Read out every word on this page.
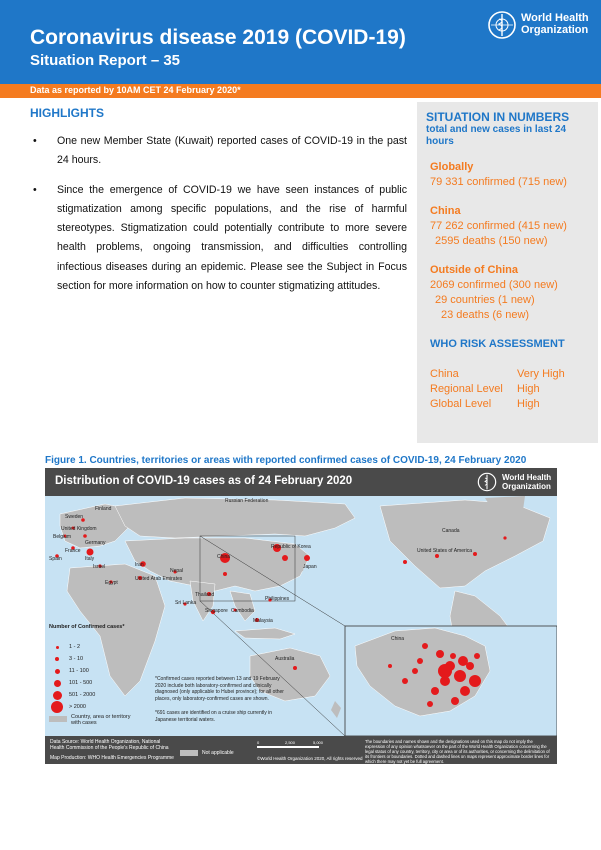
Coronavirus disease 2019 (COVID-19)
Situation Report – 35
World Health
Organization
Data as reported by 10AM CET 24 February 2020*
HIGHLIGHTS
• One new Member State (Kuwait) reported cases of COVID-19 in the past 24 hours.
• Since the emergence of COVID-19 we have seen instances of public stigmatization among specific populations, and the rise of harmful stereotypes. Stigmatization could potentially contribute to more severe health problems, ongoing transmission, and difficulties controlling infectious diseases during an epidemic. Please see the Subject in Focus section for more information on how to counter stigmatizing attitudes.
SITUATION IN NUMBERS
total and new cases in last 24 hours
Globally
79 331 confirmed (715 new)
China
77 262 confirmed (415 new)
2595 deaths (150 new)
Outside of China
2069 confirmed (300 new)
29 countries (1 new)
23 deaths (6 new)
WHO RISK ASSESSMENT
China	Very High
Regional Level High
Global Level High
Figure 1. Countries, territories or areas with reported confirmed cases of COVID-19, 24 February 2020
Distribution of COVID-19 cases as of 24 February 2020	World Health
Organization
Sweden
Finland
Russian Federation
United Kingdom
Belgium
Germany
France
Spain	Italy
Israel	Iran
United Arab Emirates
Nepal
Egypt
China
Republic of Korea
Japan
Canada
United States of America
Thailand
Cambodia
Philippines
Sri Lanka
Singapore
Malaysia
Australia
China
Number of Confirmed cases*
1 - 2
3 - 10
11 - 100
101 - 500
501 - 2000
> 2000
Country, area or territory with cases
*Confirmed cases reported between 13 and 19 February 2020 include both laboratory-confirmed and clinically diagnosed (only applicable to Hubei province); for all other places, only laboratory-confirmed cases are shown.
*691 cases are identified on a cruise ship currently in Japanese territorial waters.
Data Source: World Health Organization, National Health Commission of the People's Republic of China
Map Production: WHO Health Emergencies Programme
Not applicable
0	2,500	5,000
©World Health Organization 2020, All rights reserved
The boundaries and names shown and the designations used on this map do not imply the expression of any opinion whatsoever on the part of the World Health Organization concerning the legal status of any country, territory, city or area or of its authorities, or concerning the delimitation of its frontiers or boundaries. Dotted and dashed lines on maps represent approximate border lines for which there may not yet be full agreement.
